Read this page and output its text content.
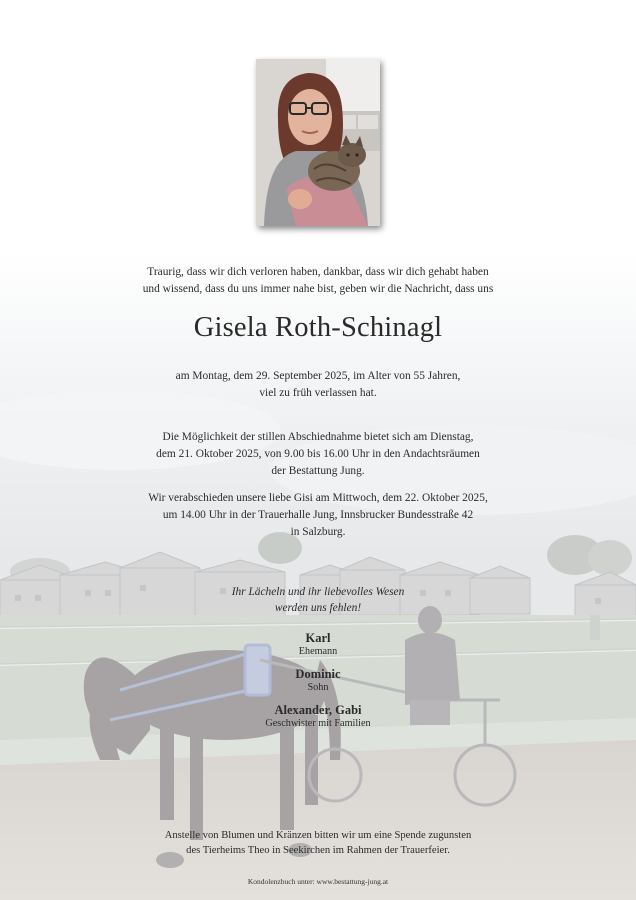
Traurig, dass wir dich verloren haben, dankbar, dass wir dich gehabt haben
und wissend, dass du uns immer nahe bist, geben wir die Nachricht, dass uns
Gisela Roth-Schinagl
am Montag, dem 29. September 2025, im Alter von 55 Jahren,
viel zu früh verlassen hat.
Die Möglichkeit der stillen Abschiednahme bietet sich am Dienstag,
dem 21. Oktober 2025, von 9.00 bis 16.00 Uhr in den Andachtsräumen
der Bestattung Jung.
Wir verabschieden unsere liebe Gisi am Mittwoch, dem 22. Oktober 2025,
um 14.00 Uhr in der Trauerhalle Jung, Innsbrucker Bundesstraße 42
in Salzburg.
Ihr Lächeln und ihr liebevolles Wesen
werden uns fehlen!
Karl
Ehemann
Dominic
Sohn
Alexander, Gabi
Geschwister mit Familien
Anstelle von Blumen und Kränzen bitten wir um eine Spende zugunsten
des Tierheims Theo in Seekirchen im Rahmen der Trauerfeier.
Kondolenzbuch unter: www.bestattung-jung.at
